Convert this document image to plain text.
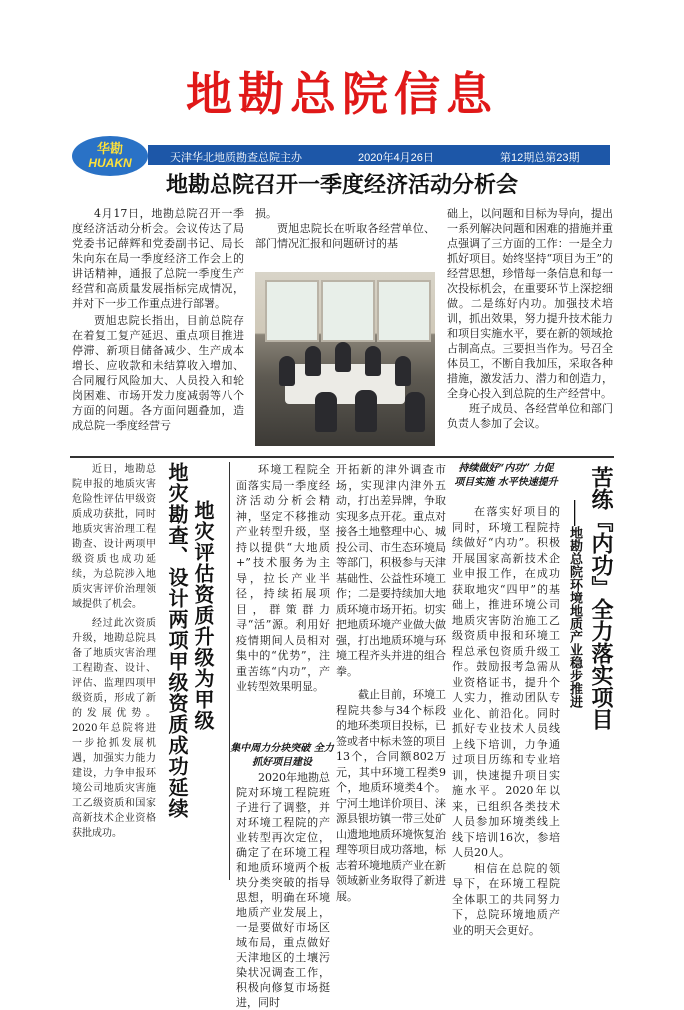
地勘总院信息
华勘
HUAKN	天津华北地质勘查总院主办	2020年4月26日	第12期总第23期
地勘总院召开一季度经济活动分析会

4月17日，地勘总院召开一季度经济活动分析会。会议传达了局党委书记薛辉和党委副书记、局长朱向东在局一季度经济工作会上的讲话精神，通报了总院一季度生产经营和高质量发展指标完成情况，并对下一步工作重点进行部署。

贾旭忠院长指出，目前总院存在着复工复产延迟、重点项目推进停滞、新项目储备减少、生产成本增长、应收款和未结算收入增加、合同履行风险加大、人员投入和轮岗困难、市场开发力度减弱等八个方面的问题。各方面问题叠加，造成总院一季度经营亏

损。

贾旭忠院长在听取各经营单位、部门情况汇报和问题研讨的基

础上，以问题和目标为导向，提出一系列解决问题和困难的措施并重点强调了三方面的工作：一是全力抓好项目。始终坚持“项目为王”的经营思想，珍惜每一条信息和每一次投标机会，在重要环节上深挖细做。二是练好内功。加强技术培训，抓出效果，努力提升技术能力和项目实施水平，要在新的领域抢占制高点。三要担当作为。号召全体员工，不断自我加压，采取各种措施，激发活力、潜力和创造力，全身心投入到总院的生产经营中。

班子成员、各经营单位和部门负责人参加了会议。

近日，地勘总院申报的地质灾害危险性评估甲级资质成功获批，同时地质灾害治理工程勘查、设计两项甲级资质也成功延续，为总院涉入地质灾害评价治理领域提供了机会。

经过此次资质升级，地勘总院具备了地质灾害治理工程勘查、设计、评估、监理四项甲级资质，形成了新的发展优势。2020年总院将进一步抢抓发展机遇，加强实力能力建设，力争申报环境公司地质灾害施工乙级资质和国家高新技术企业资格获批成功。

地灾评估资质升级为甲级
地灾勘查、设计两项甲级资质成功延续	环境工程院全面落实局一季度经济活动分析会精神，坚定不移推动产业转型升级，坚持以提供“大地质+”技术服务为主导，拉长产业半径，持续拓展项目，群策群力寻“活”源。利用好疫情期间人员相对集中的“优势”，注重苦练“内功”，产业转型效果明显。

集中周力分块突破 全力抓好项目建设

2020年地勘总院对环境工程院班子进行了调整，并对环境工程院的产业转型再次定位，确定了在环境工程和地质环境两个板块分类突破的指导思想，明确在环境地质产业发展上，一是要做好市场区域布局，重点做好天津地区的土壤污染状况调查工作，积极向修复市场挺进，同时

开拓新的津外调查市场，实现津内津外五动，打出差异牌，争取实现多点开花。重点对接各土地整理中心、城投公司、市生态环境局等部门，积极参与天津基础性、公益性环境工作；二是要持续加大地质环境市场开拓。切实把地质环境产业做大做强，打出地质环境与环境工程齐头并进的组合拳。

截止目前，环境工程院共参与34个标段的地环类项目投标，已签或者中标未签的项目13个，合同额802万元，其中环境工程类9个，地质环境类4个。宁河土地详价项目、涞源县银坊镇一带三处矿山遗地地质环境恢复治理等项目成功落地，标志着环境地质产业在新领域新业务取得了新进展。

持续做好“内功” 力促项目实施 水平快速提升

在落实好项目的同时，环境工程院持续做好“内功”。积极开展国家高新技术企业申报工作，在成功获取地灾“四甲”的基础上，推进环境公司地质灾害防治施工乙级资质申报和环境工程总承包资质升级工作。鼓励报考急需从业资格证书，提升个人实力，推动团队专业化、前沿化。同时抓好专业技术人员线上线下培训，力争通过项目历练和专业培训，快速提升项目实施水平。2020年以来，已组织各类技术人员参加环境类线上线下培训16次，参培人员20人。

相信在总院的领导下，在环境工程院全体职工的共同努力下，总院环境地质产业的明天会更好。

苦练『内功』全力落实项目
——地勘总院环境地质产业稳步推进
